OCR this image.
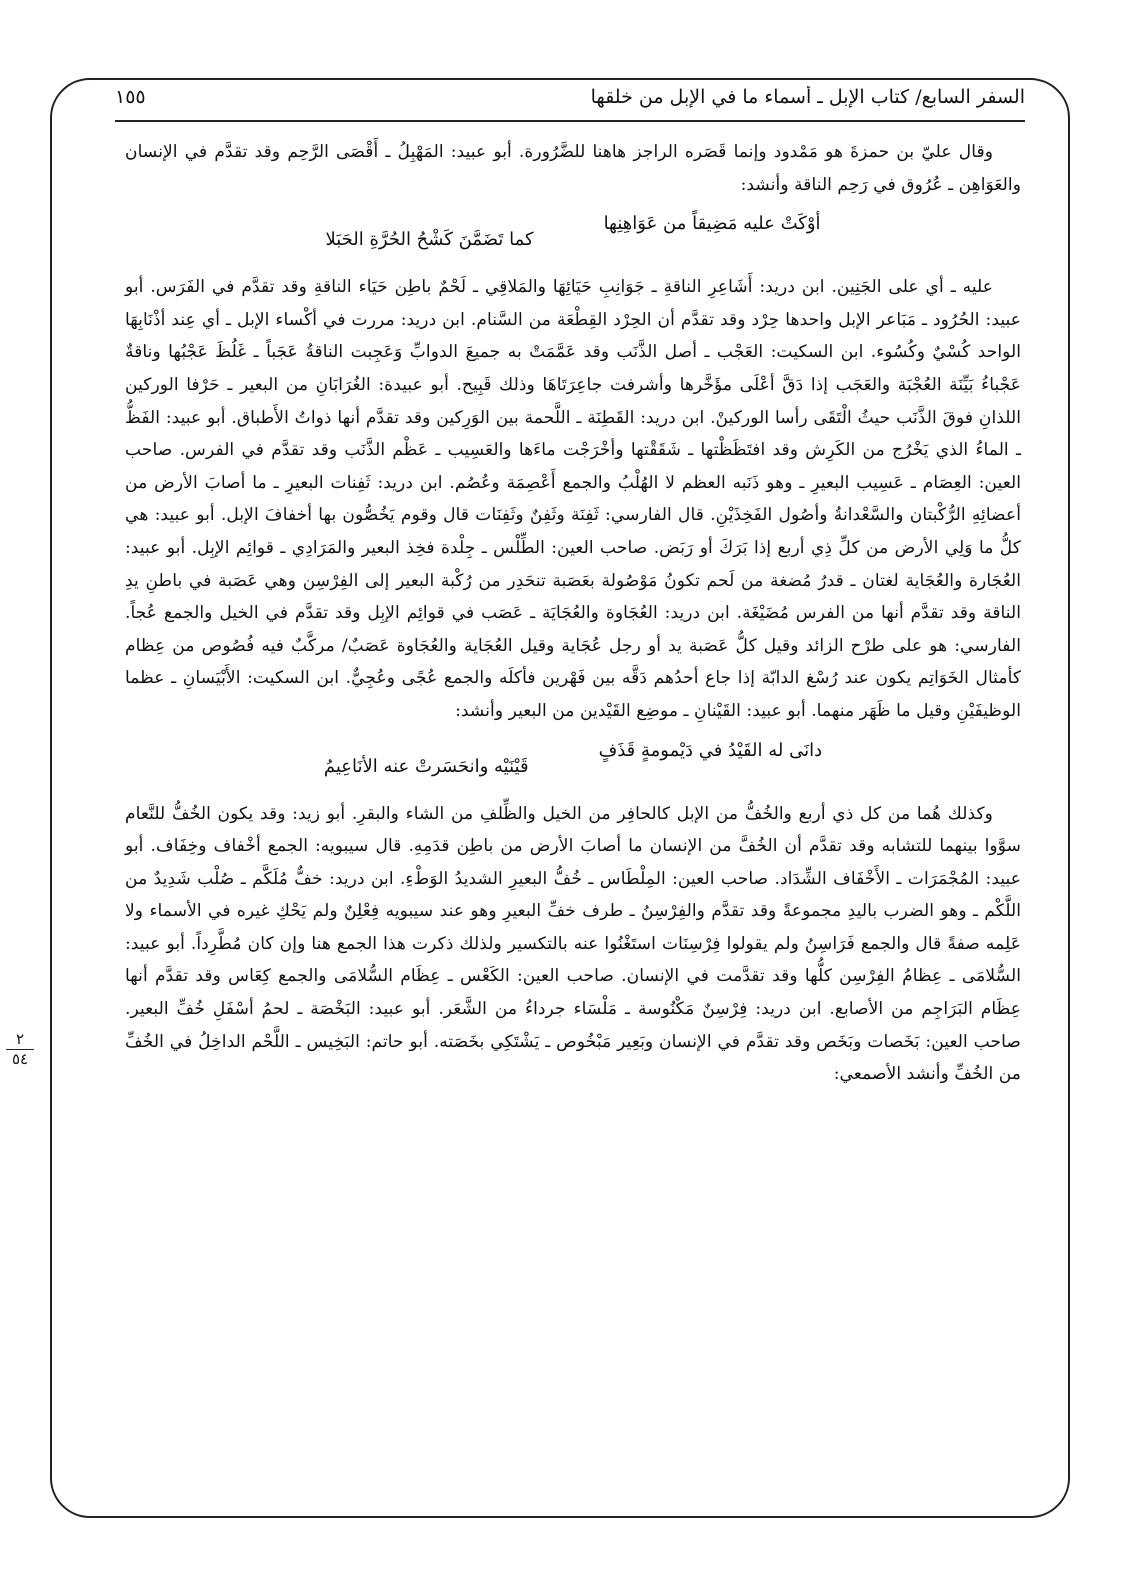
السفر السابع/ كتاب الإبل ـ أسماء ما في الإبل من خلقها
١٥٥

وقال عليّ بن حمزةَ هو مَمْدود وإنما قَصَره الراجز هاهنا للضَّرُورة. أبو عبيد: المَهْبِلُ ـ أَقْصَى الرَّحِم وقد تقدَّم في الإنسان والعَوَاهِن ـ عُرُوق في رَحِم الناقة وأنشد:

أوْكَتْ عليه مَضِيقاً من عَوَاهِنِها
كما تَضَمَّنَ كَشْحُ الحُرَّةِ الحَبَلا

عليه ـ أي على الجَنِين. ابن دريد: أَشَاعِرِ الناقةِ ـ جَوَانِبِ حَيَائِهَا والمَلاقِي ـ لَحْمٌ باطِن حَيَاء الناقةِ وقد تقدَّم في الفَرَس. أبو عبيد: الحُرُود ـ مَبَاعر الإبل واحدها حِرْد وقد تقدَّم أن الحِرْد القِطْعَة من السَّنام. ابن دريد: مررت في أكْساء الإبل ـ أي عِند أذْنَابِهَا الواحد كُسْيٌ وكُسُوء. ابن السكيت: العَجْب ـ أصل الذَّنَب وقد عَمَّمَتْ به جميعَ الدوابِّ وَعَجِبت الناقةُ عَجَباً ـ غَلُظَ عَجْبُها وناقةٌ عَجْباءُ بَيِّنَة العُجْبَة والعَجَب إذا دَقَّ أعْلَى مؤَخَّرها وأشرفت جاعِرَتَاهَا وذلك قَبِيح. أبو عبيدة: الغُرَابَانِ من البعير ـ حَرْفا الوركين اللذانِ فوقَ الذَّنَب حيثُ الْتَقَى رأسا الوركينْ. ابن دريد: القَطِنَة ـ اللَّحمة بين الوَرِكين وقد تقدَّم أنها ذواتُ الأَطباق. أبو عبيد: الفَظُّ ـ الماءُ الذي يَخْرُج من الكَرِش وقد افتَظَظْتها ـ شَقَقْتها وأخْرَجْت ماءَها والعَسِيب ـ عَظْم الذَّنَب وقد تقدَّم في الفرس. صاحب العين: العِصَام ـ عَسِيب البعيرِ ـ وهو ذَنَبه العظم لا الهُلْبُ والجمع أَعْصِمَة وعُصُم. ابن دريد: ثَفِنات البعيرِ ـ ما أصابَ الأرض من أعضائِهِ الرُّكْبتان والسَّعْدانةُ وأصُول الفَخِذَيْنِ. قال الفارسي: ثَفِنَة وثَفِنٌ وثَفِنَات قال وقوم يَخُصُّون بها أخفافَ الإبل. أبو عبيد: هي كلُّ ما وَلِي الأرض من كلِّ ذِي أربع إذا بَرَكَ أو رَبَض. صاحب العين: الطِّلْس ـ جِلْدة فخِذ البعير والمَرَادِي ـ قوائِم الإبِل. أبو عبيد: العُجَارة والعُجَاية لغتان ـ قدرُ مُضغة من لَحم تكونُ مَوْصُولة بعَصَبة تنحَدِر من رُكْبة البعير إلى الفِرْسِن وهي عَصَبة في باطنِ يدِ الناقة وقد تقدَّم أنها من الفرس مُضَيْغَة. ابن دريد: العُجَاوة والعُجَايَة ـ عَصَب في قوائِم الإبِل وقد تقدَّم في الخيل والجمع عُجاً. الفارسي: هو على طرْح الزائد وقيل كلُّ عَصَبة يد أو رجل عُجَاية وقيل العُجَاية والعُجَاوة عَصَبٌ/ مركَّبٌ فيه فُصُوص من عِظام كأمثال الخَوَاتِم يكون عند رُسْغ الدابّة إذا جاع أحدُهم دَقَّه بين فَهْرين فأكلَه والجمع عُجًى وعُجِيٌّ. ابن السكيت: الأَبْيَسانِ ـ عظما الوظيفَيْنِ وقيل ما ظَهَر منهما. أبو عبيد: القَيْنانِ ـ موضِع القَيْدين من البعير وأنشد:

دانَى له القَيْدُ في دَيْمومةٍ قَذَفٍ
قَيْنَيْه وانحَسَرتْ عنه الأنَاعِيمُ

وكذلك هُما من كل ذي أربع والخُفُّ من الإبل كالحافِر من الخيل والظِّلفِ من الشاء والبقرِ. أبو زيد: وقد يكون الخُفُّ للنَّعام سوَّوا بينهما للتشابه وقد تقدَّم أن الخُفَّ من الإنسان ما أصابَ الأرض من باطِن قدَمِهِ. قال سيبويه: الجمع أخْفاف وخِفَاف. أبو عبيد: المُجْمَرَات ـ الأَخْفَاف الشِّدَاد. صاحب العين: المِلْطَاس ـ خُفُّ البعيرِ الشديدُ الوَطْءِ. ابن دريد: خفٌّ مُلَكَّم ـ صُلْب شَدِيدٌ من اللَّكْم ـ وهو الضرب باليدِ مجموعةً وقد تقدَّم والفِرْسِنُ ـ طرف خفِّ البعيرِ وهو عند سيبويه فِعْلِنٌ ولم يَحْكِ غيره في الأسماء ولا عَلِمه صفةً قال والجمع فَرَاسِنُ ولم يقولوا فِرْسِنَات استَغْنُوا عنه بالتكسير ولذلك ذكرت هذا الجمع هنا وإن كان مُطَّرِداً. أبو عبيد: السُّلامَى ـ عِظامُ الفِرْسِن كلُّها وقد تقدَّمت في الإنسان. صاحب العين: الكَعْس ـ عِظَام السُّلامَى والجمع كِعَاس وقد تقدَّم أنها عِظَام البَرَاجِم من الأصابع. ابن دريد: فِرْسِنٌ مَكْنُوسة ـ مَلْسَاء جرداءُ من الشَّعَر. أبو عبيد: البَخْصَة ـ لحمُ أسْفَلِ خُفِّ البعير. صاحب العين: بَخَصات وبَخَص وقد تقدَّم في الإنسان وبَعِير مَبْخُوص ـ يَشْتَكِي بخَصَته. أبو حاتم: البَخِيس ـ اللَّحْم الداخِلُ في الخُفِّ من الخُفِّ وأنشد الأصمعي:

٢
٥٤
